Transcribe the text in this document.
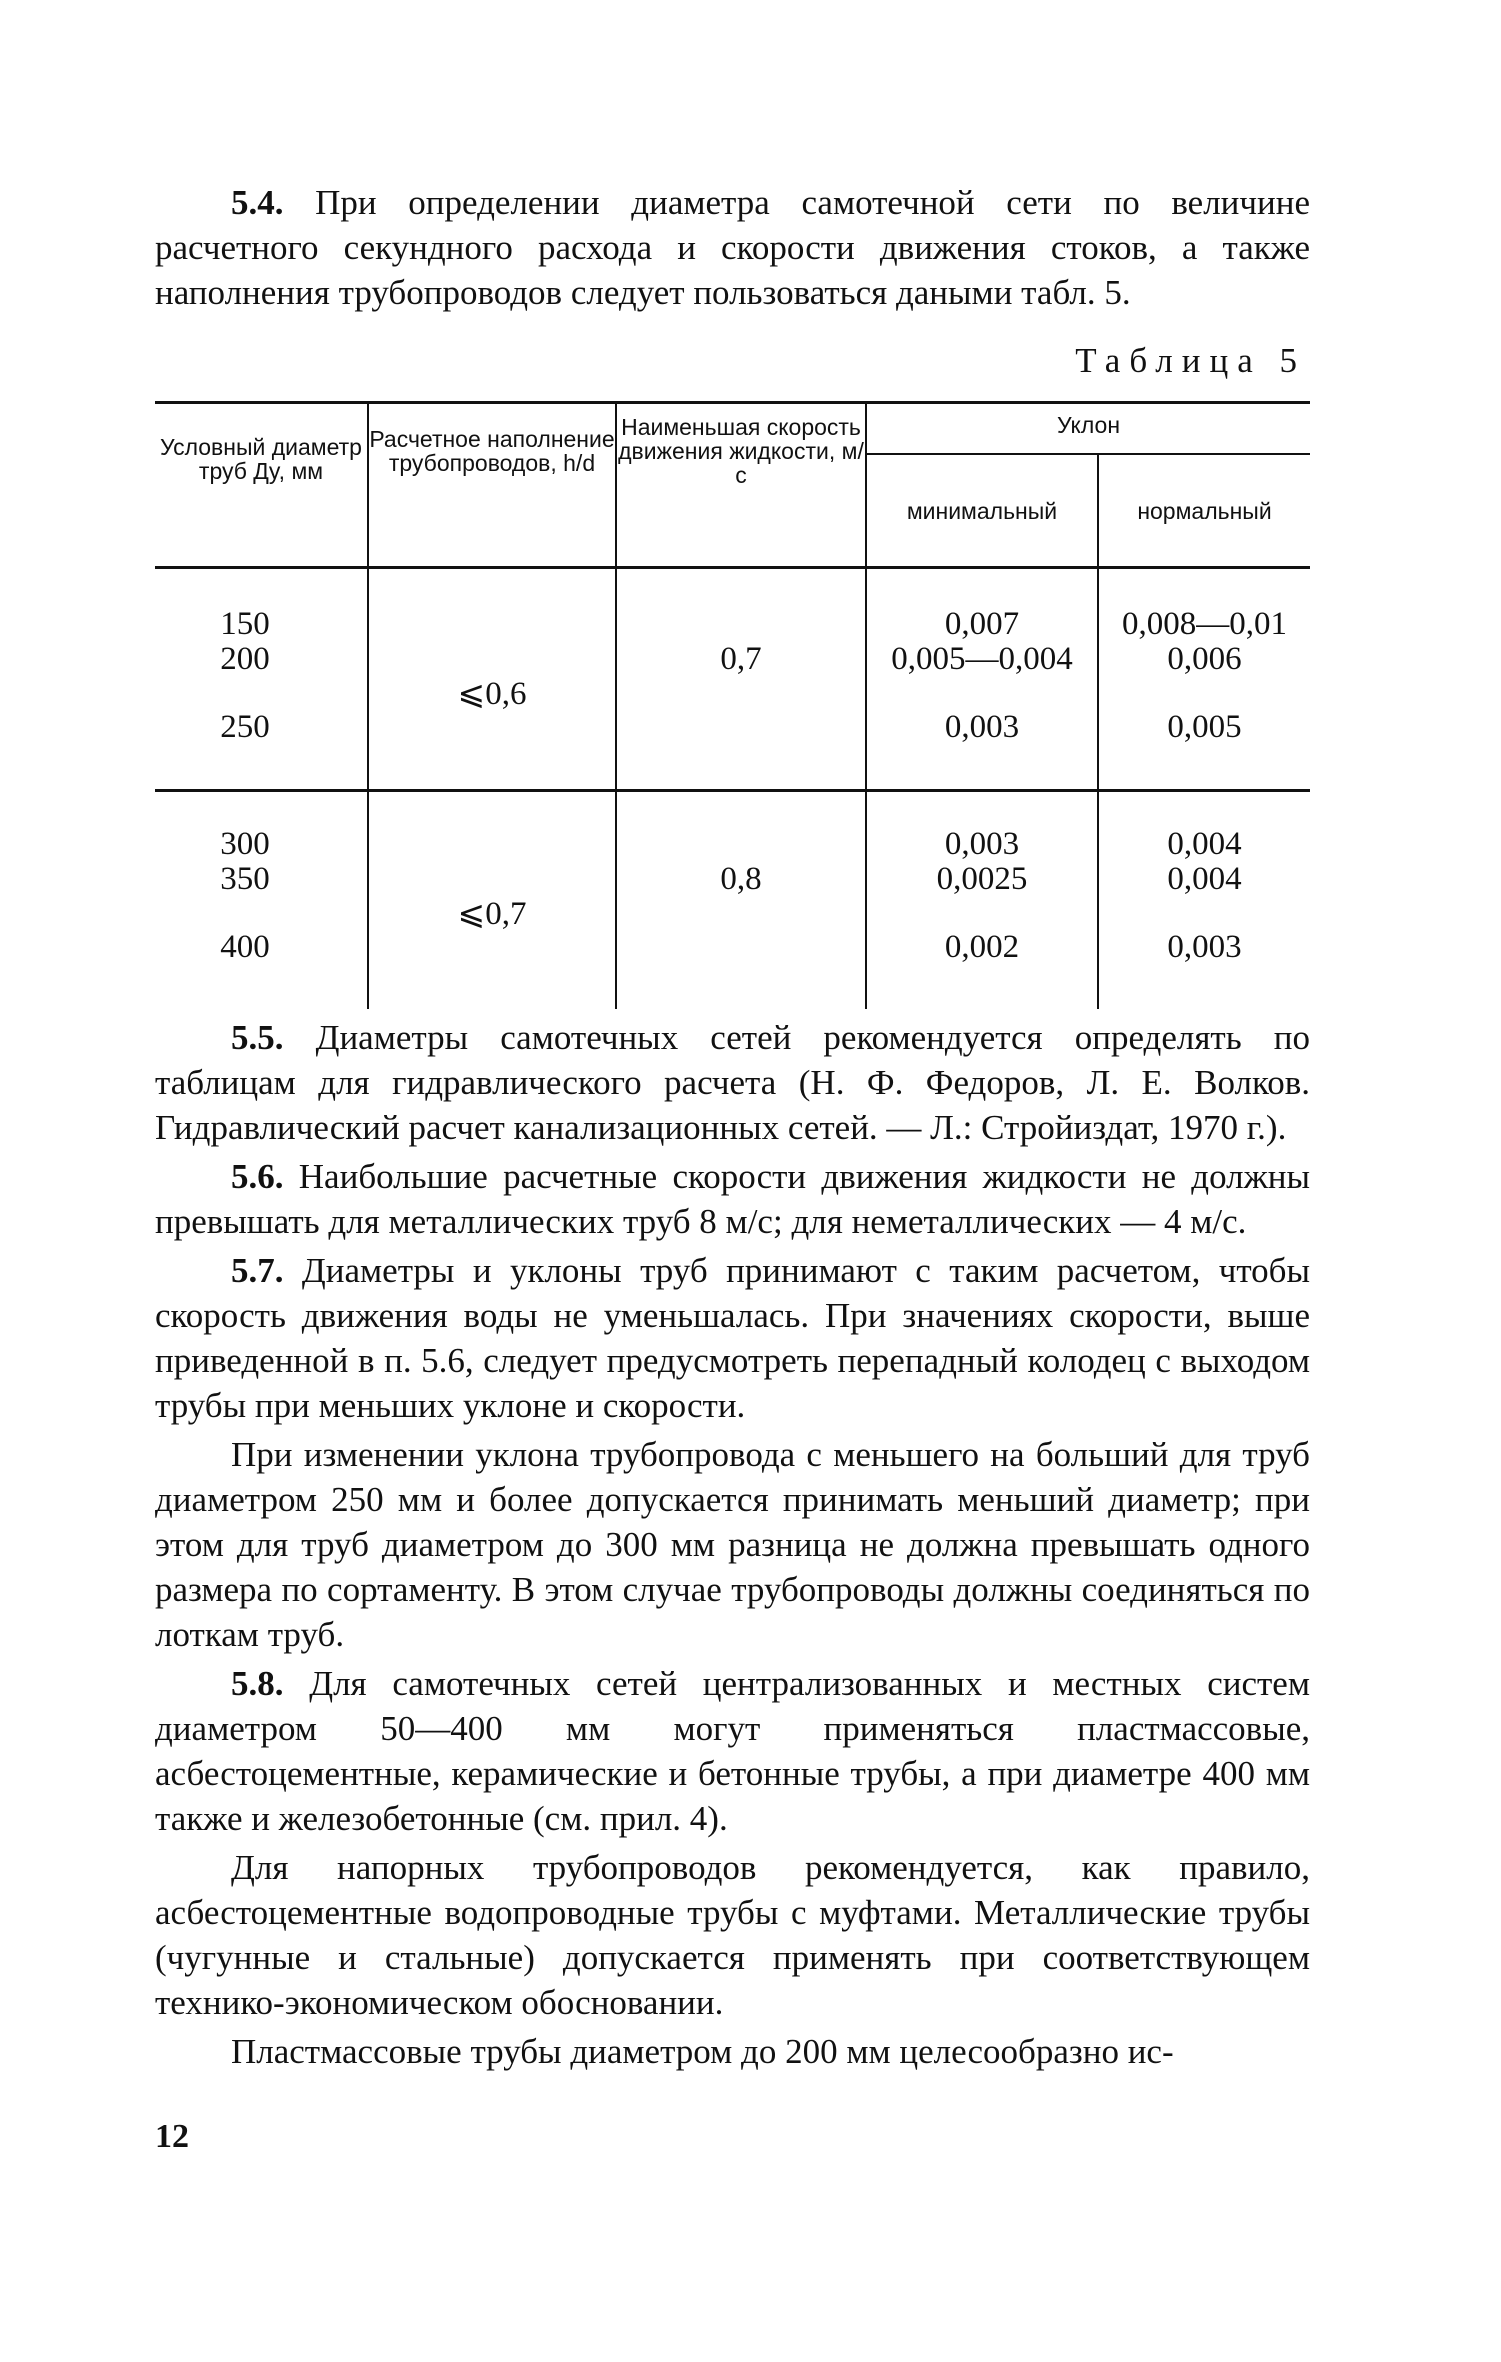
5.4. При определении диаметра самотечной сети по величине расчетного секундного расхода и скорости движения стоков, а также наполнения трубопроводов следует пользоваться даными табл. 5.

Таблица 5
Условный диаметр труб Дy, мм
Расчетное наполнение трубопроводов, h/d
Наименьшая скорость движения жидкости, м/с
Уклон
минимальный	нормальный
150
200
250
⩽0,6
0,7
0,007
0,005—0,004
0,003
0,008—0,01
0,006
0,005
300
350
400
⩽0,7
0,8
0,003
0,0025
0,002
0,004
0,004
0,003

5.5. Диаметры самотечных сетей рекомендуется определять по таблицам для гидравлического расчета (Н. Ф. Федоров, Л. Е. Волков. Гидравлический расчет канализационных сетей. — Л.: Стройиздат, 1970 г.).

5.6. Наибольшие расчетные скорости движения жидкости не должны превышать для металлических труб 8 м/с; для неметаллических — 4 м/с.

5.7. Диаметры и уклоны труб принимают с таким расчетом, чтобы скорость движения воды не уменьшалась. При значениях скорости, выше приведенной в п. 5.6, следует предусмотреть перепадный колодец с выходом трубы при меньших уклоне и скорости.

При изменении уклона трубопровода с меньшего на больший для труб диаметром 250 мм и более допускается принимать меньший диаметр; при этом для труб диаметром до 300 мм разница не должна превышать одного размера по сортаменту. В этом случае трубопроводы должны соединяться по лоткам труб.

5.8. Для самотечных сетей централизованных и местных систем диаметром 50—400 мм могут применяться пластмассовые, асбестоцементные, керамические и бетонные трубы, а при диаметре 400 мм также и железобетонные (см. прил. 4).

Для напорных трубопроводов рекомендуется, как правило, асбестоцементные водопроводные трубы с муфтами. Металлические трубы (чугунные и стальные) допускается применять при соответствующем технико-экономическом обосновании.

Пластмассовые трубы диаметром до 200 мм целесообразно ис-

12
